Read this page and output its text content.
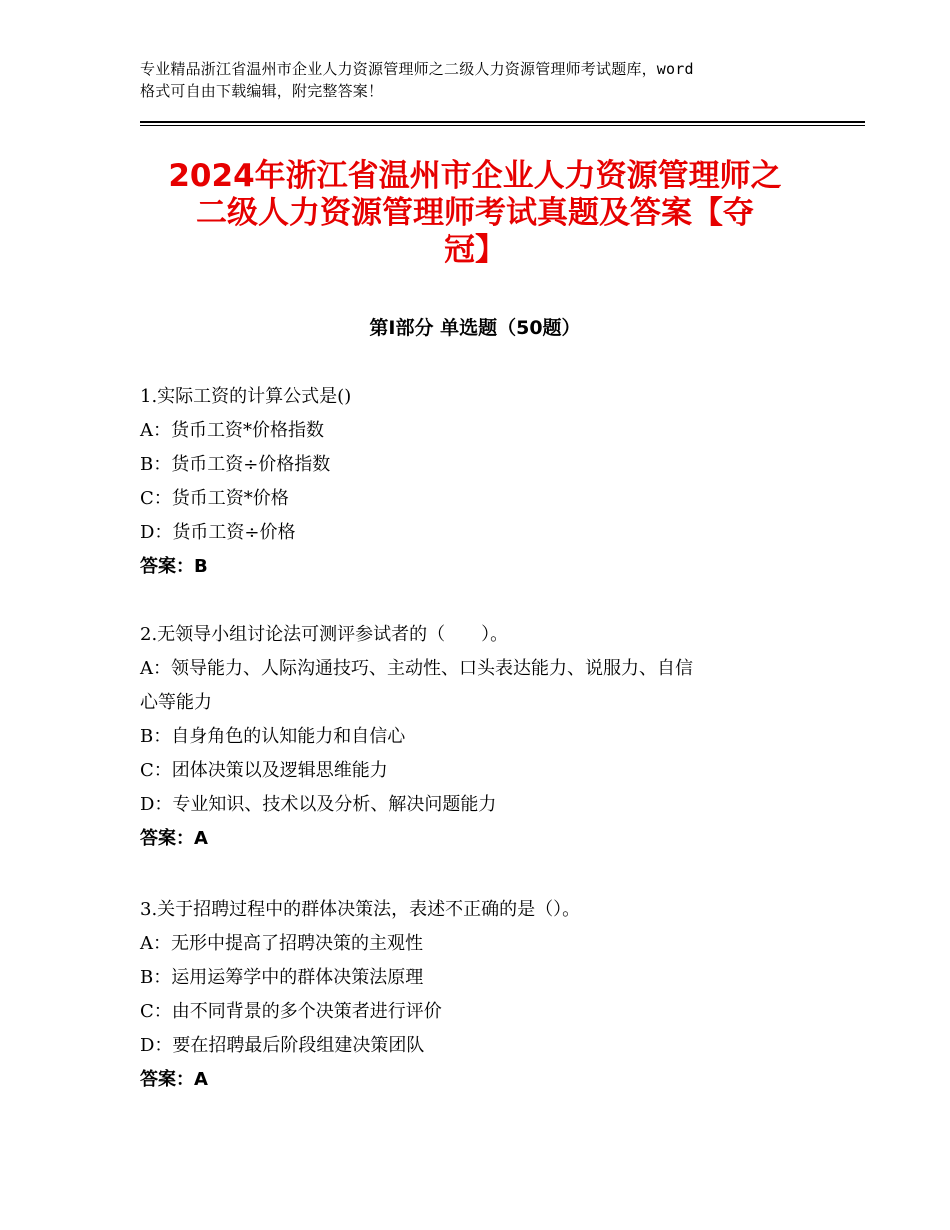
专业精品浙江省温州市企业人力资源管理师之二级人力资源管理师考试题库，word
格式可自由下载编辑，附完整答案！
2024年浙江省温州市企业人力资源管理师之
二级人力资源管理师考试真题及答案【夺
冠】
第Ⅰ部分 单选题（50题）
1.实际工资的计算公式是()
A：货币工资*价格指数
B：货币工资÷价格指数
C：货币工资*价格
D：货币工资÷价格
答案：B
2.无领导小组讨论法可测评参试者的（　　）。
A：领导能力、人际沟通技巧、主动性、口头表达能力、说服力、自信
心等能力
B：自身角色的认知能力和自信心
C：团体决策以及逻辑思维能力
D：专业知识、技术以及分析、解决问题能力
答案：A
3.关于招聘过程中的群体决策法，表述不正确的是（）。
A：无形中提高了招聘决策的主观性
B：运用运筹学中的群体决策法原理
C：由不同背景的多个决策者进行评价
D：要在招聘最后阶段组建决策团队
答案：A
